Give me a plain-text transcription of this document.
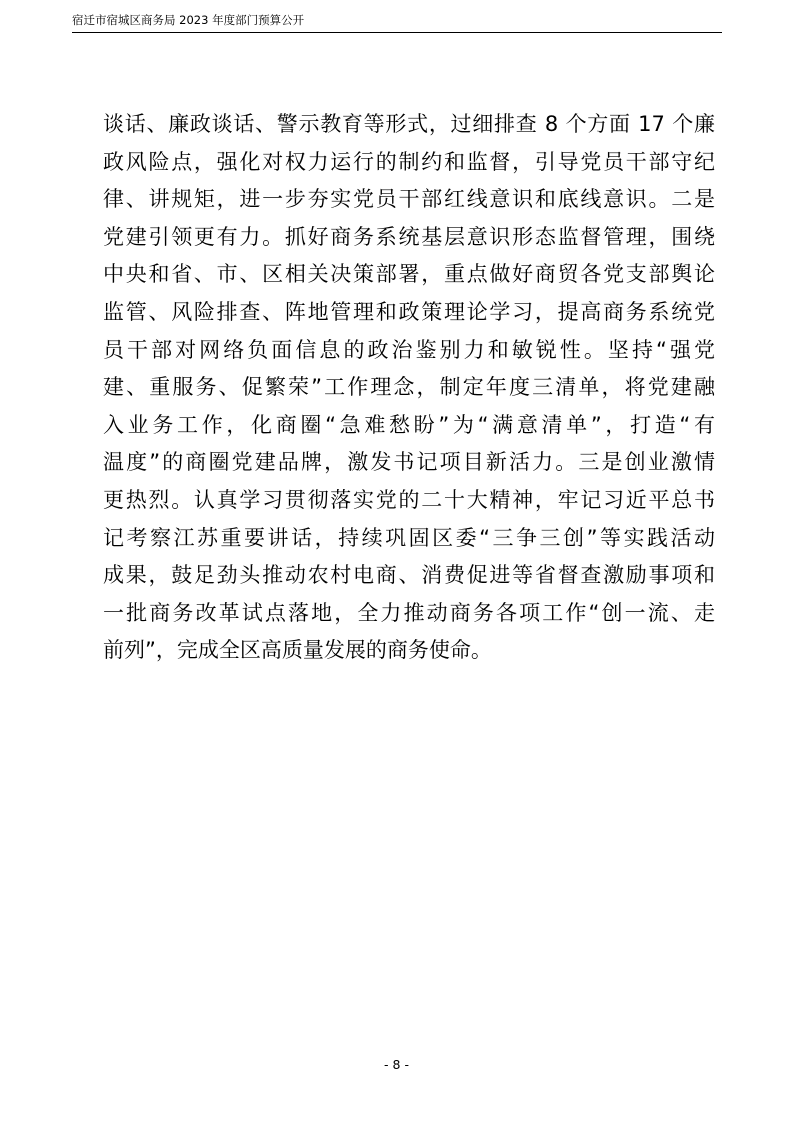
宿迁市宿城区商务局 2023 年度部门预算公开
谈话、廉政谈话、警示教育等形式，过细排查 8 个方面 17 个廉
政风险点，强化对权力运行的制约和监督，引导党员干部守纪
律、讲规矩，进一步夯实党员干部红线意识和底线意识。二是
党建引领更有力。抓好商务系统基层意识形态监督管理，围绕
中央和省、市、区相关决策部署，重点做好商贸各党支部舆论
监管、风险排查、阵地管理和政策理论学习，提高商务系统党
员干部对网络负面信息的政治鉴别力和敏锐性。坚持“强党
建、重服务、促繁荣”工作理念，制定年度三清单，将党建融
入业务工作，化商圈“急难愁盼”为“满意清单”，打造“有
温度”的商圈党建品牌，激发书记项目新活力。三是创业激情
更热烈。认真学习贯彻落实党的二十大精神，牢记习近平总书
记考察江苏重要讲话，持续巩固区委“三争三创”等实践活动
成果，鼓足劲头推动农村电商、消费促进等省督查激励事项和
一批商务改革试点落地，全力推动商务各项工作“创一流、走
前列”，完成全区高质量发展的商务使命。
- 8 -
